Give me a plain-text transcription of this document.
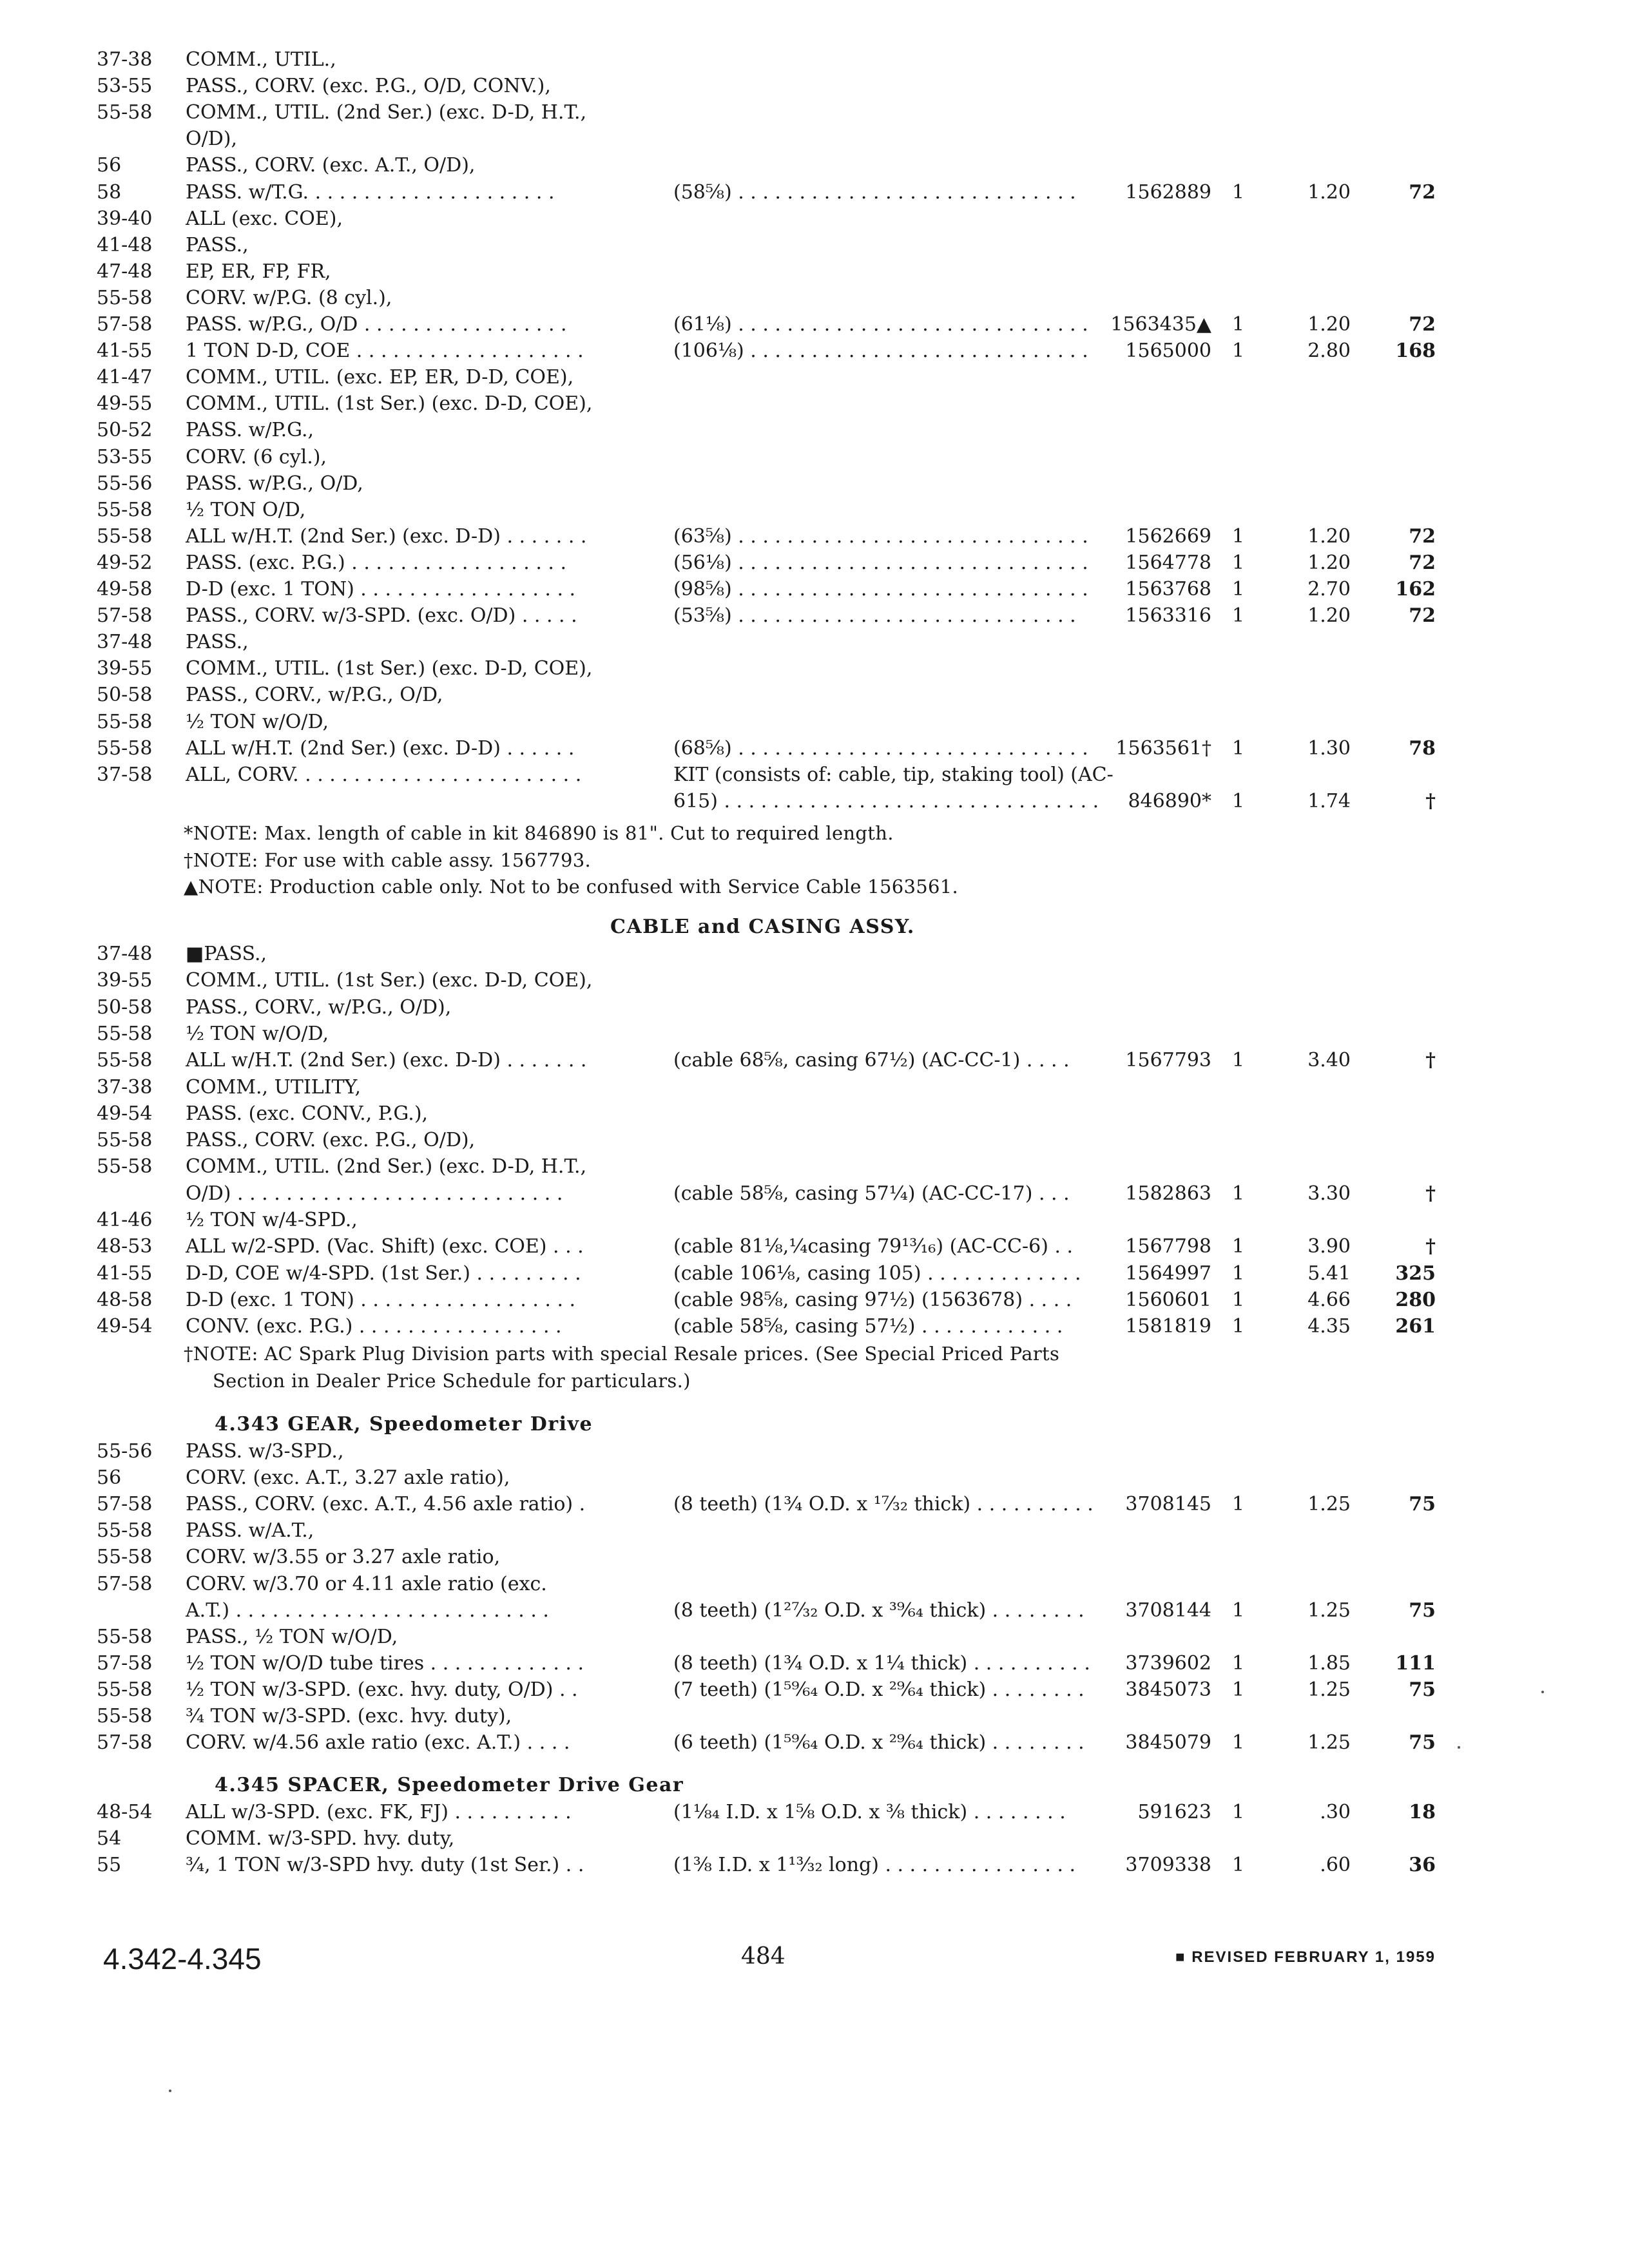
37-38 COMM., UTIL.,
53-55 PASS., CORV. (exc. P.G., O/D, CONV.),
55-58 COMM., UTIL. (2nd Ser.) (exc. D-D, H.T.,
O/D),
56	PASS., CORV. (exc. A.T., O/D),
58	PASS. w/T.G. . . . . . . . . . . . . . . . . . . . .	(58⅝) . . . . . . . . . . . . . . . . . . . . . . . . . . . .	1562889 1	1.20	72
39-40 ALL (exc. COE),
41-48 PASS.,
47-48 EP, ER, FP, FR,
55-58 CORV. w/P.G. (8 cyl.),
57-58 PASS. w/P.G., O/D . . . . . . . . . . . . . . . . .	(61⅛) . . . . . . . . . . . . . . . . . . . . . . . . . . . . . 1563435▲ 1	1.20	72
41-55 1 TON D-D, COE . . . . . . . . . . . . . . . . . . .	(106⅛) . . . . . . . . . . . . . . . . . . . . . . . . . . . . 1565000 1	2.80 168
41-47 COMM., UTIL. (exc. EP, ER, D-D, COE),
49-55 COMM., UTIL. (1st Ser.) (exc. D-D, COE),
50-52 PASS. w/P.G.,
53-55 CORV. (6 cyl.),
55-56 PASS. w/P.G., O/D,
55-58 ½ TON O/D,
55-58 ALL w/H.T. (2nd Ser.) (exc. D-D) . . . . . . .	(63⅝) . . . . . . . . . . . . . . . . . . . . . . . . . . . . . 1562669 1	1.20	72
49-52 PASS. (exc. P.G.) . . . . . . . . . . . . . . . . . .	(56⅛) . . . . . . . . . . . . . . . . . . . . . . . . . . . . . 1564778 1	1.20	72
49-58 D-D (exc. 1 TON) . . . . . . . . . . . . . . . . . .	(98⅝) . . . . . . . . . . . . . . . . . . . . . . . . . . . . . 1563768 1	2.70 162
57-58 PASS., CORV. w/3-SPD. (exc. O/D) . . . . .	(53⅝) . . . . . . . . . . . . . . . . . . . . . . . . . . . .	1563316 1	1.20	72
37-48 PASS.,
39-55 COMM., UTIL. (1st Ser.) (exc. D-D, COE),
50-58 PASS., CORV., w/P.G., O/D,
55-58 ½ TON w/O/D,
55-58 ALL w/H.T. (2nd Ser.) (exc. D-D) . . . . . .	(68⅝) . . . . . . . . . . . . . . . . . . . . . . . . . . . . . 1563561† 1	1.30	78
37-58 ALL, CORV. . . . . . . . . . . . . . . . . . . . . . . .	KIT (consists of: cable, tip, staking tool) (AC-
615) . . . . . . . . . . . . . . . . . . . . . . . . . . . . . . . 846890* 1	1.74	†
*NOTE: Max. length of cable in kit 846890 is 81". Cut to required length.
†NOTE: For use with cable assy. 1567793.
▲NOTE: Production cable only. Not to be confused with Service Cable 1563561.
CABLE and CASING ASSY.
37-48 ■PASS.,
39-55 COMM., UTIL. (1st Ser.) (exc. D-D, COE),
50-58 PASS., CORV., w/P.G., O/D),
55-58 ½ TON w/O/D,
55-58 ALL w/H.T. (2nd Ser.) (exc. D-D) . . . . . . .	(cable 68⅝, casing 67½) (AC-CC-1) . . . .	1567793 1	3.40	†
37-38 COMM., UTILITY,
49-54 PASS. (exc. CONV., P.G.),
55-58 PASS., CORV. (exc. P.G., O/D),
55-58 COMM., UTIL. (2nd Ser.) (exc. D-D, H.T.,
O/D) . . . . . . . . . . . . . . . . . . . . . . . . . . .	(cable 58⅝, casing 57¼) (AC-CC-17) . . .	1582863 1	3.30	†
41-46 ½ TON w/4-SPD.,
48-53 ALL w/2-SPD. (Vac. Shift) (exc. COE) . . .	(cable 81⅛,¼casing 79¹³⁄₁₆) (AC-CC-6) . .	1567798 1	3.90	†
41-55 D-D, COE w/4-SPD. (1st Ser.) . . . . . . . . .	(cable 106⅛, casing 105) . . . . . . . . . . . . . 1564997 1	5.41 325
48-58 D-D (exc. 1 TON) . . . . . . . . . . . . . . . . . .	(cable 98⅝, casing 97½) (1563678) . . . .	1560601 1	4.66 280
49-54 CONV. (exc. P.G.) . . . . . . . . . . . . . . . . .	(cable 58⅝, casing 57½) . . . . . . . . . . . .	1581819 1	4.35 261
†NOTE: AC Spark Plug Division parts with special Resale prices. (See Special Priced Parts
Section in Dealer Price Schedule for particulars.)
4.343 GEAR, Speedometer Drive
55-56 PASS. w/3-SPD.,
56	CORV. (exc. A.T., 3.27 axle ratio),
57-58 PASS., CORV. (exc. A.T., 4.56 axle ratio) .	(8 teeth) (1¾ O.D. x ¹⁷⁄₃₂ thick) . . . . . . . . . . 3708145 1	1.25	75
55-58 PASS. w/A.T.,
55-58 CORV. w/3.55 or 3.27 axle ratio,
57-58 CORV. w/3.70 or 4.11 axle ratio (exc.
A.T.) . . . . . . . . . . . . . . . . . . . . . . . . . .	(8 teeth) (1²⁷⁄₃₂ O.D. x ³⁹⁄₆₄ thick) . . . . . . . . 3708144 1	1.25	75
55-58 PASS., ½ TON w/O/D,
57-58 ½ TON w/O/D tube tires . . . . . . . . . . . . .	(8 teeth) (1¾ O.D. x 1¼ thick) . . . . . . . . . . 3739602 1	1.85 111
55-58 ½ TON w/3-SPD. (exc. hvy. duty, O/D) . .	(7 teeth) (1⁵⁹⁄₆₄ O.D. x ²⁹⁄₆₄ thick) . . . . . . . . 3845073 1	1.25	75
55-58 ¾ TON w/3-SPD. (exc. hvy. duty),
57-58 CORV. w/4.56 axle ratio (exc. A.T.) . . . .	(6 teeth) (1⁵⁹⁄₆₄ O.D. x ²⁹⁄₆₄ thick) . . . . . . . . 3845079 1	1.25	75
4.345 SPACER, Speedometer Drive Gear
48-54 ALL w/3-SPD. (exc. FK, FJ) . . . . . . . . . .	(1⅛₄ I.D. x 1⅝ O.D. x ⅜ thick) . . . . . . . .	591623 1	.30	18
54	COMM. w/3-SPD. hvy. duty,
55	¾, 1 TON w/3-SPD hvy. duty (1st Ser.) . .	(1⅜ I.D. x 1¹³⁄₃₂ long) . . . . . . . . . . . . . . . .	3709338 1	.60	36
4.342-4.345	484	■ REVISED FEBRUARY 1, 1959
